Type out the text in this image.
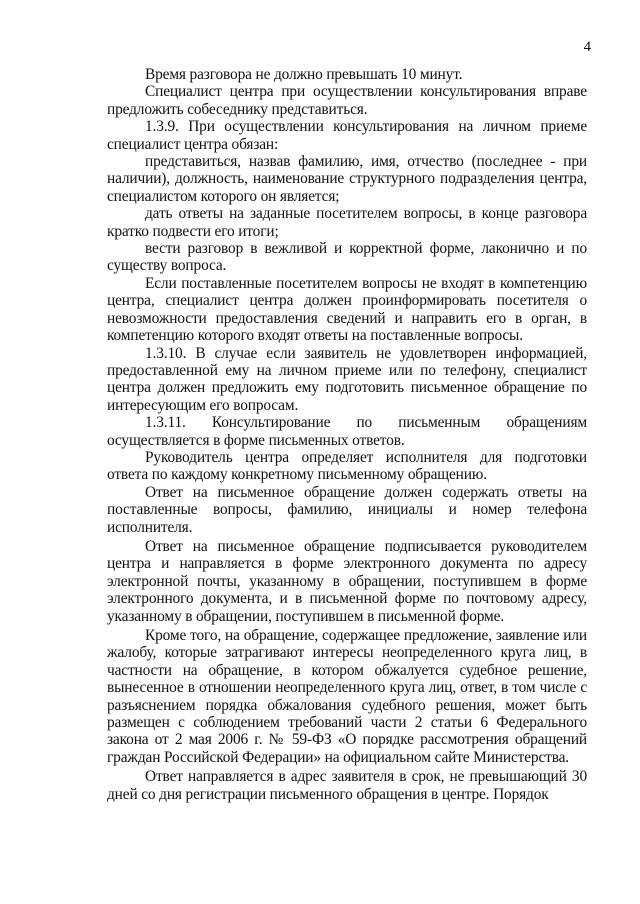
4

Время разговора не должно превышать 10 минут.

Специалист центра при осуществлении консультирования вправе предложить собеседнику представиться.

1.3.9. При осуществлении консультирования на личном приеме специалист центра обязан:

представиться, назвав фамилию, имя, отчество (последнее - при наличии), должность, наименование структурного подразделения центра, специалистом которого он является;

дать ответы на заданные посетителем вопросы, в конце разговора кратко подвести его итоги;

вести разговор в вежливой и корректной форме, лаконично и по существу вопроса.

Если поставленные посетителем вопросы не входят в компетенцию центра, специалист центра должен проинформировать посетителя о невозможности предоставления сведений и направить его в орган, в компетенцию которого входят ответы на поставленные вопросы.

1.3.10. В случае если заявитель не удовлетворен информацией, предоставленной ему на личном приеме или по телефону, специалист центра должен предложить ему подготовить письменное обращение по интересующим его вопросам.

1.3.11. Консультирование по письменным обращениям осуществляется в форме письменных ответов.

Руководитель центра определяет исполнителя для подготовки ответа по каждому конкретному письменному обращению.

Ответ на письменное обращение должен содержать ответы на поставленные вопросы, фамилию, инициалы и номер телефона исполнителя.

Ответ на письменное обращение подписывается руководителем центра и направляется в форме электронного документа по адресу электронной почты, указанному в обращении, поступившем в форме электронного документа, и в письменной форме по почтовому адресу, указанному в обращении, поступившем в письменной форме.

Кроме того, на обращение, содержащее предложение, заявление или жалобу, которые затрагивают интересы неопределенного круга лиц, в частности на обращение, в котором обжалуется судебное решение, вынесенное в отношении неопределенного круга лиц, ответ, в том числе с разъяснением порядка обжалования судебного решения, может быть размещен с соблюдением требований части 2 статьи 6 Федерального закона от 2 мая 2006 г. № 59-ФЗ «О порядке рассмотрения обращений граждан Российской Федерации» на официальном сайте Министерства.

Ответ направляется в адрес заявителя в срок, не превышающий 30 дней со дня регистрации письменного обращения в центре. Порядок
